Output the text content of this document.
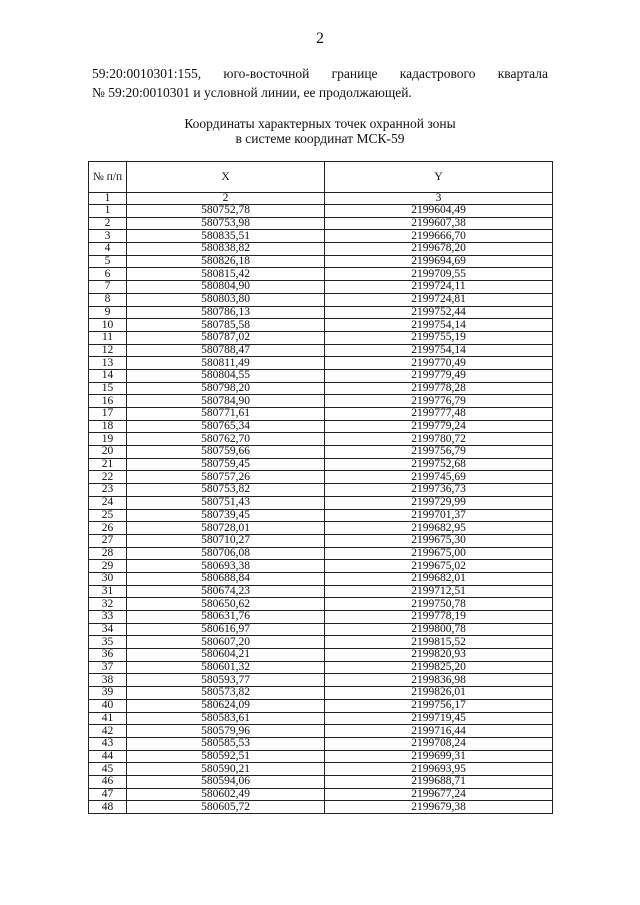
2
59:20:0010301:155, юго-восточной границе кадастрового квартала
№ 59:20:0010301 и условной линии, ее продолжающей.
Координаты характерных точек охранной зоны
в системе координат МСК-59
№ п/п	X	Y
1	2	3
1	580752,78	2199604,49
2	580753,98	2199607,38
3	580835,51	2199666,70
4	580838,82	2199678,20
5	580826,18	2199694,69
6	580815,42	2199709,55
7	580804,90	2199724,11
8	580803,80	2199724,81
9	580786,13	2199752,44
10	580785,58	2199754,14
11	580787,02	2199755,19
12	580788,47	2199754,14
13	580811,49	2199770,49
14	580804,55	2199779,49
15	580798,20	2199778,28
16	580784,90	2199776,79
17	580771,61	2199777,48
18	580765,34	2199779,24
19	580762,70	2199780,72
20	580759,66	2199756,79
21	580759,45	2199752,68
22	580757,26	2199745,69
23	580753,82	2199736,73
24	580751,43	2199729,99
25	580739,45	2199701,37
26	580728,01	2199682,95
27	580710,27	2199675,30
28	580706,08	2199675,00
29	580693,38	2199675,02
30	580688,84	2199682,01
31	580674,23	2199712,51
32	580650,62	2199750,78
33	580631,76	2199778,19
34	580616,97	2199800,78
35	580607,20	2199815,52
36	580604,21	2199820,93
37	580601,32	2199825,20
38	580593,77	2199836,98
39	580573,82	2199826,01
40	580624,09	2199756,17
41	580583,61	2199719,45
42	580579,96	2199716,44
43	580585,53	2199708,24
44	580592,51	2199699,31
45	580590,21	2199693,95
46	580594,06	2199688,71
47	580602,49	2199677,24
48	580605,72	2199679,38
